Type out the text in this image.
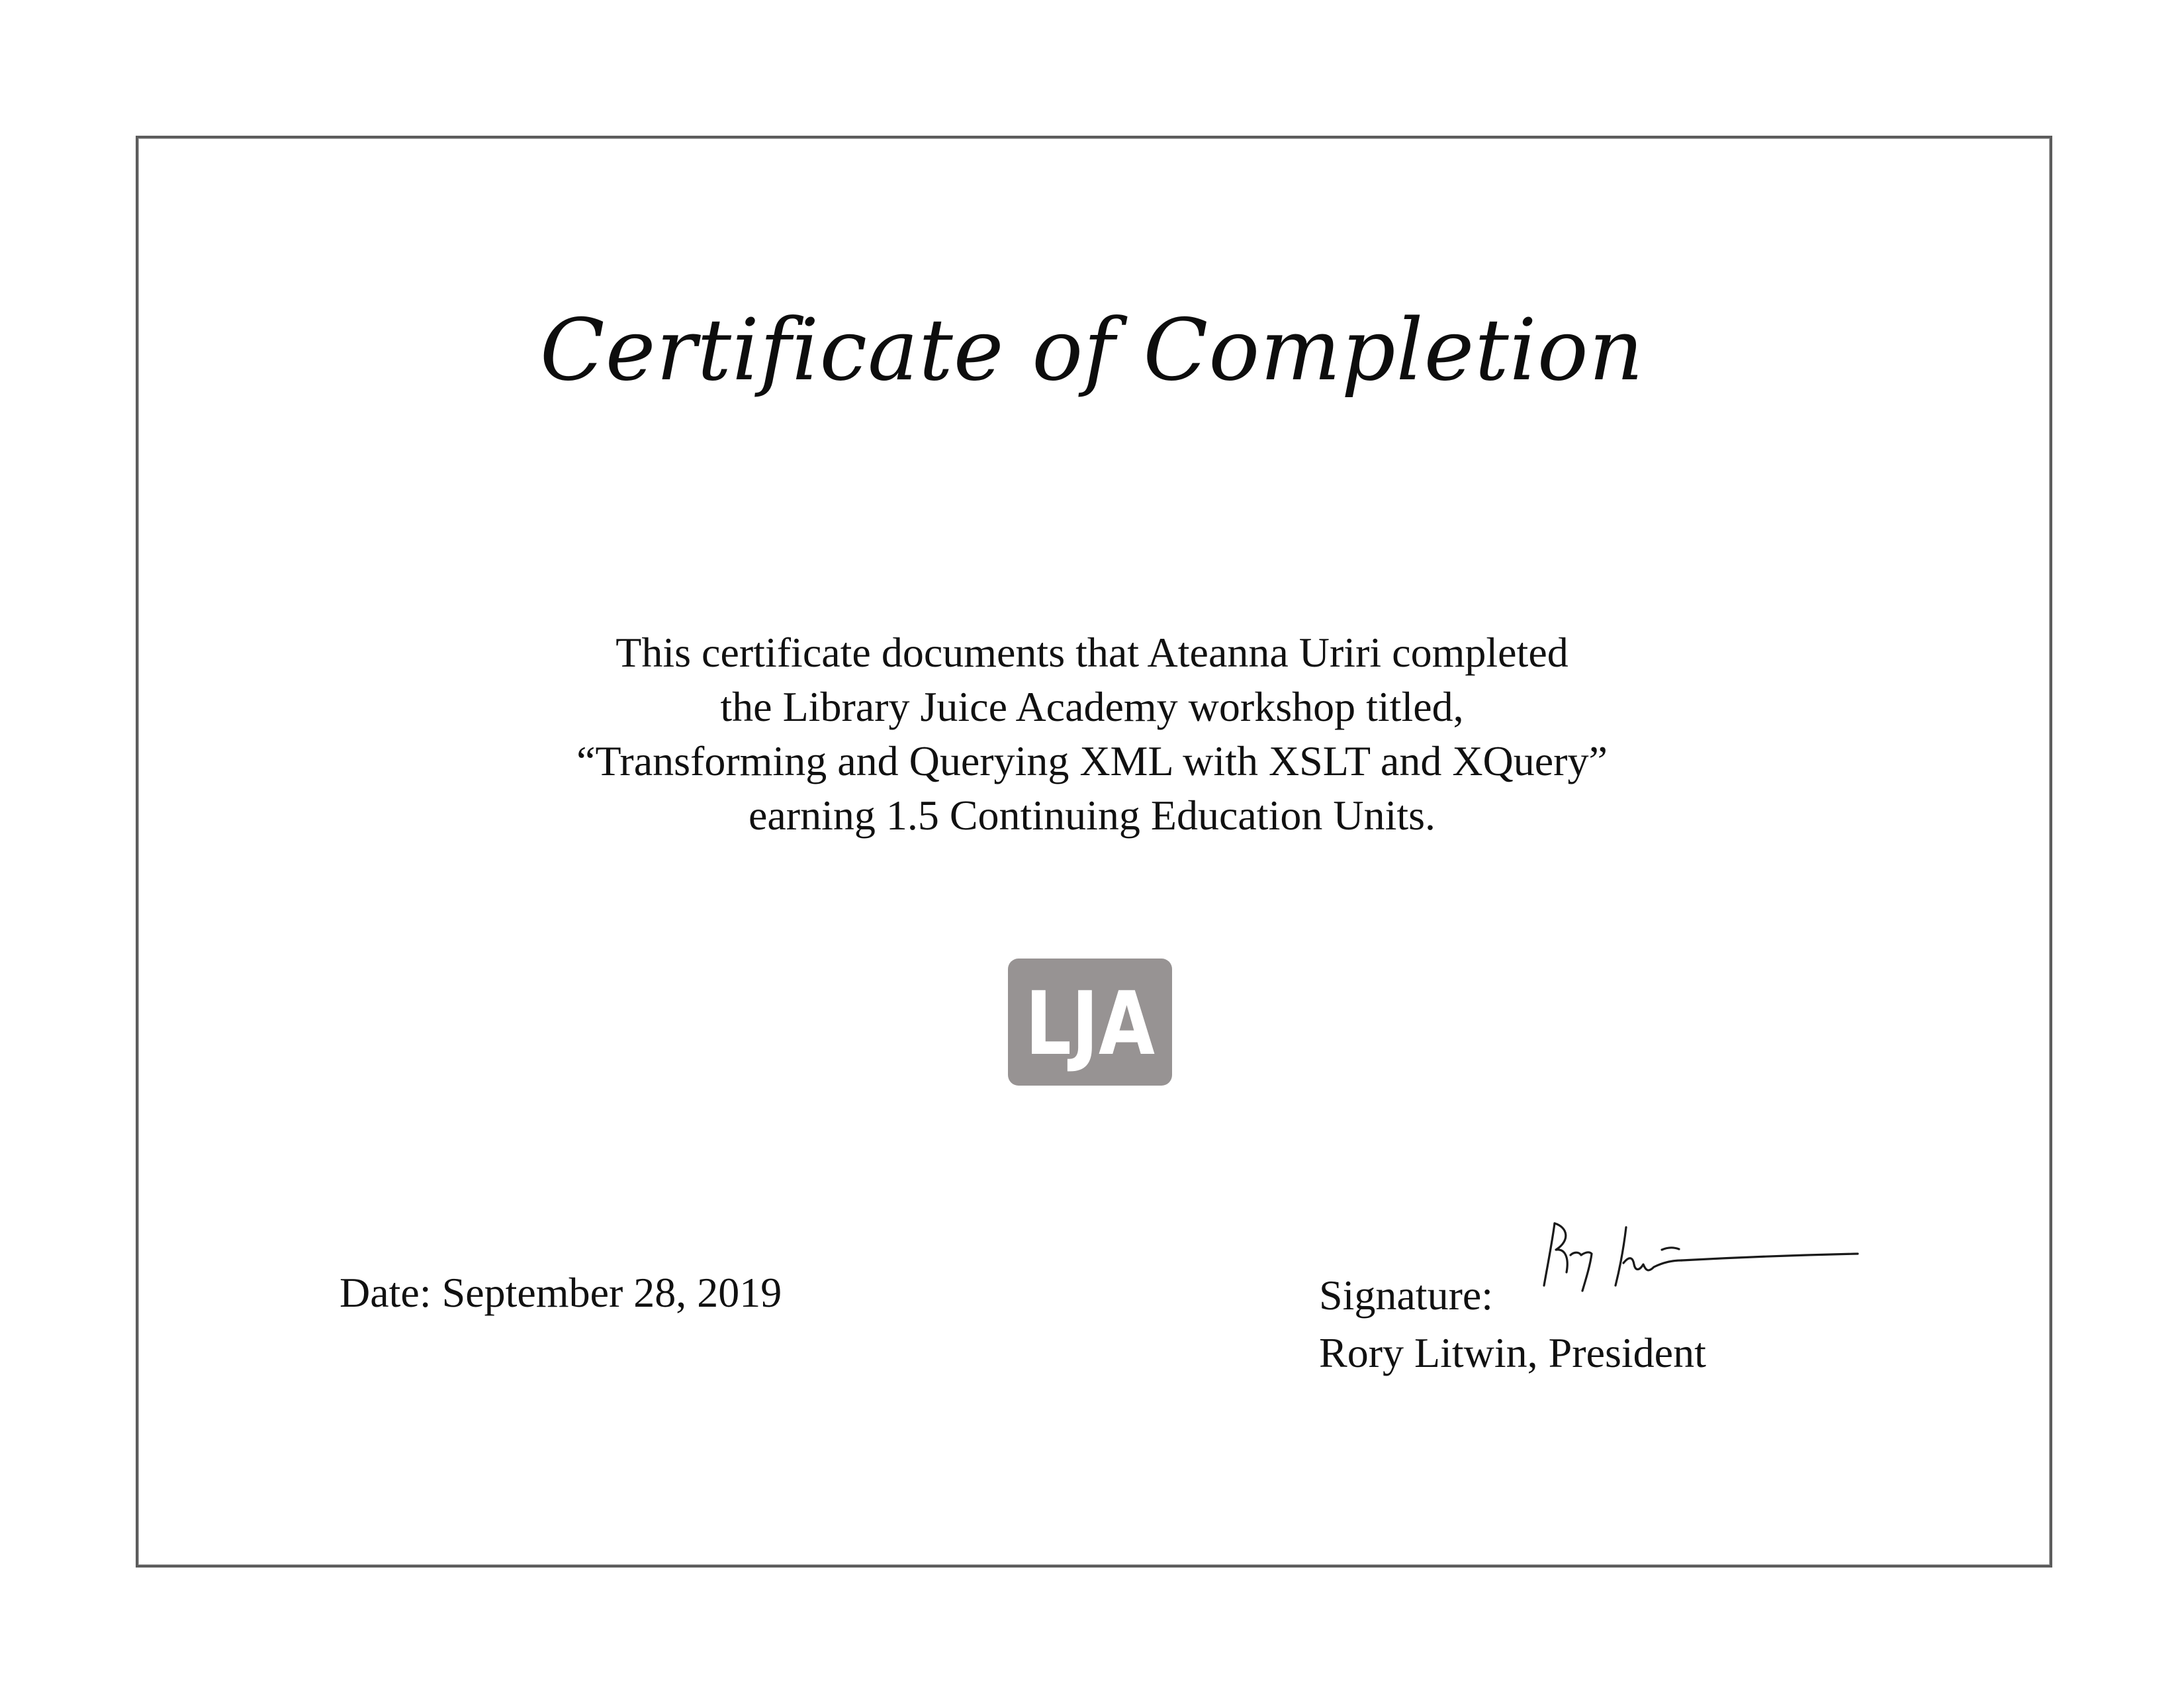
Certificate of Completion
This certificate documents that Ateanna Uriri completed
the Library Juice Academy workshop titled,
“Transforming and Querying XML with XSLT and XQuery”
earning 1.5 Continuing Education Units.
LJA
Date: September 28, 2019	Signature:
Rory Litwin, President
